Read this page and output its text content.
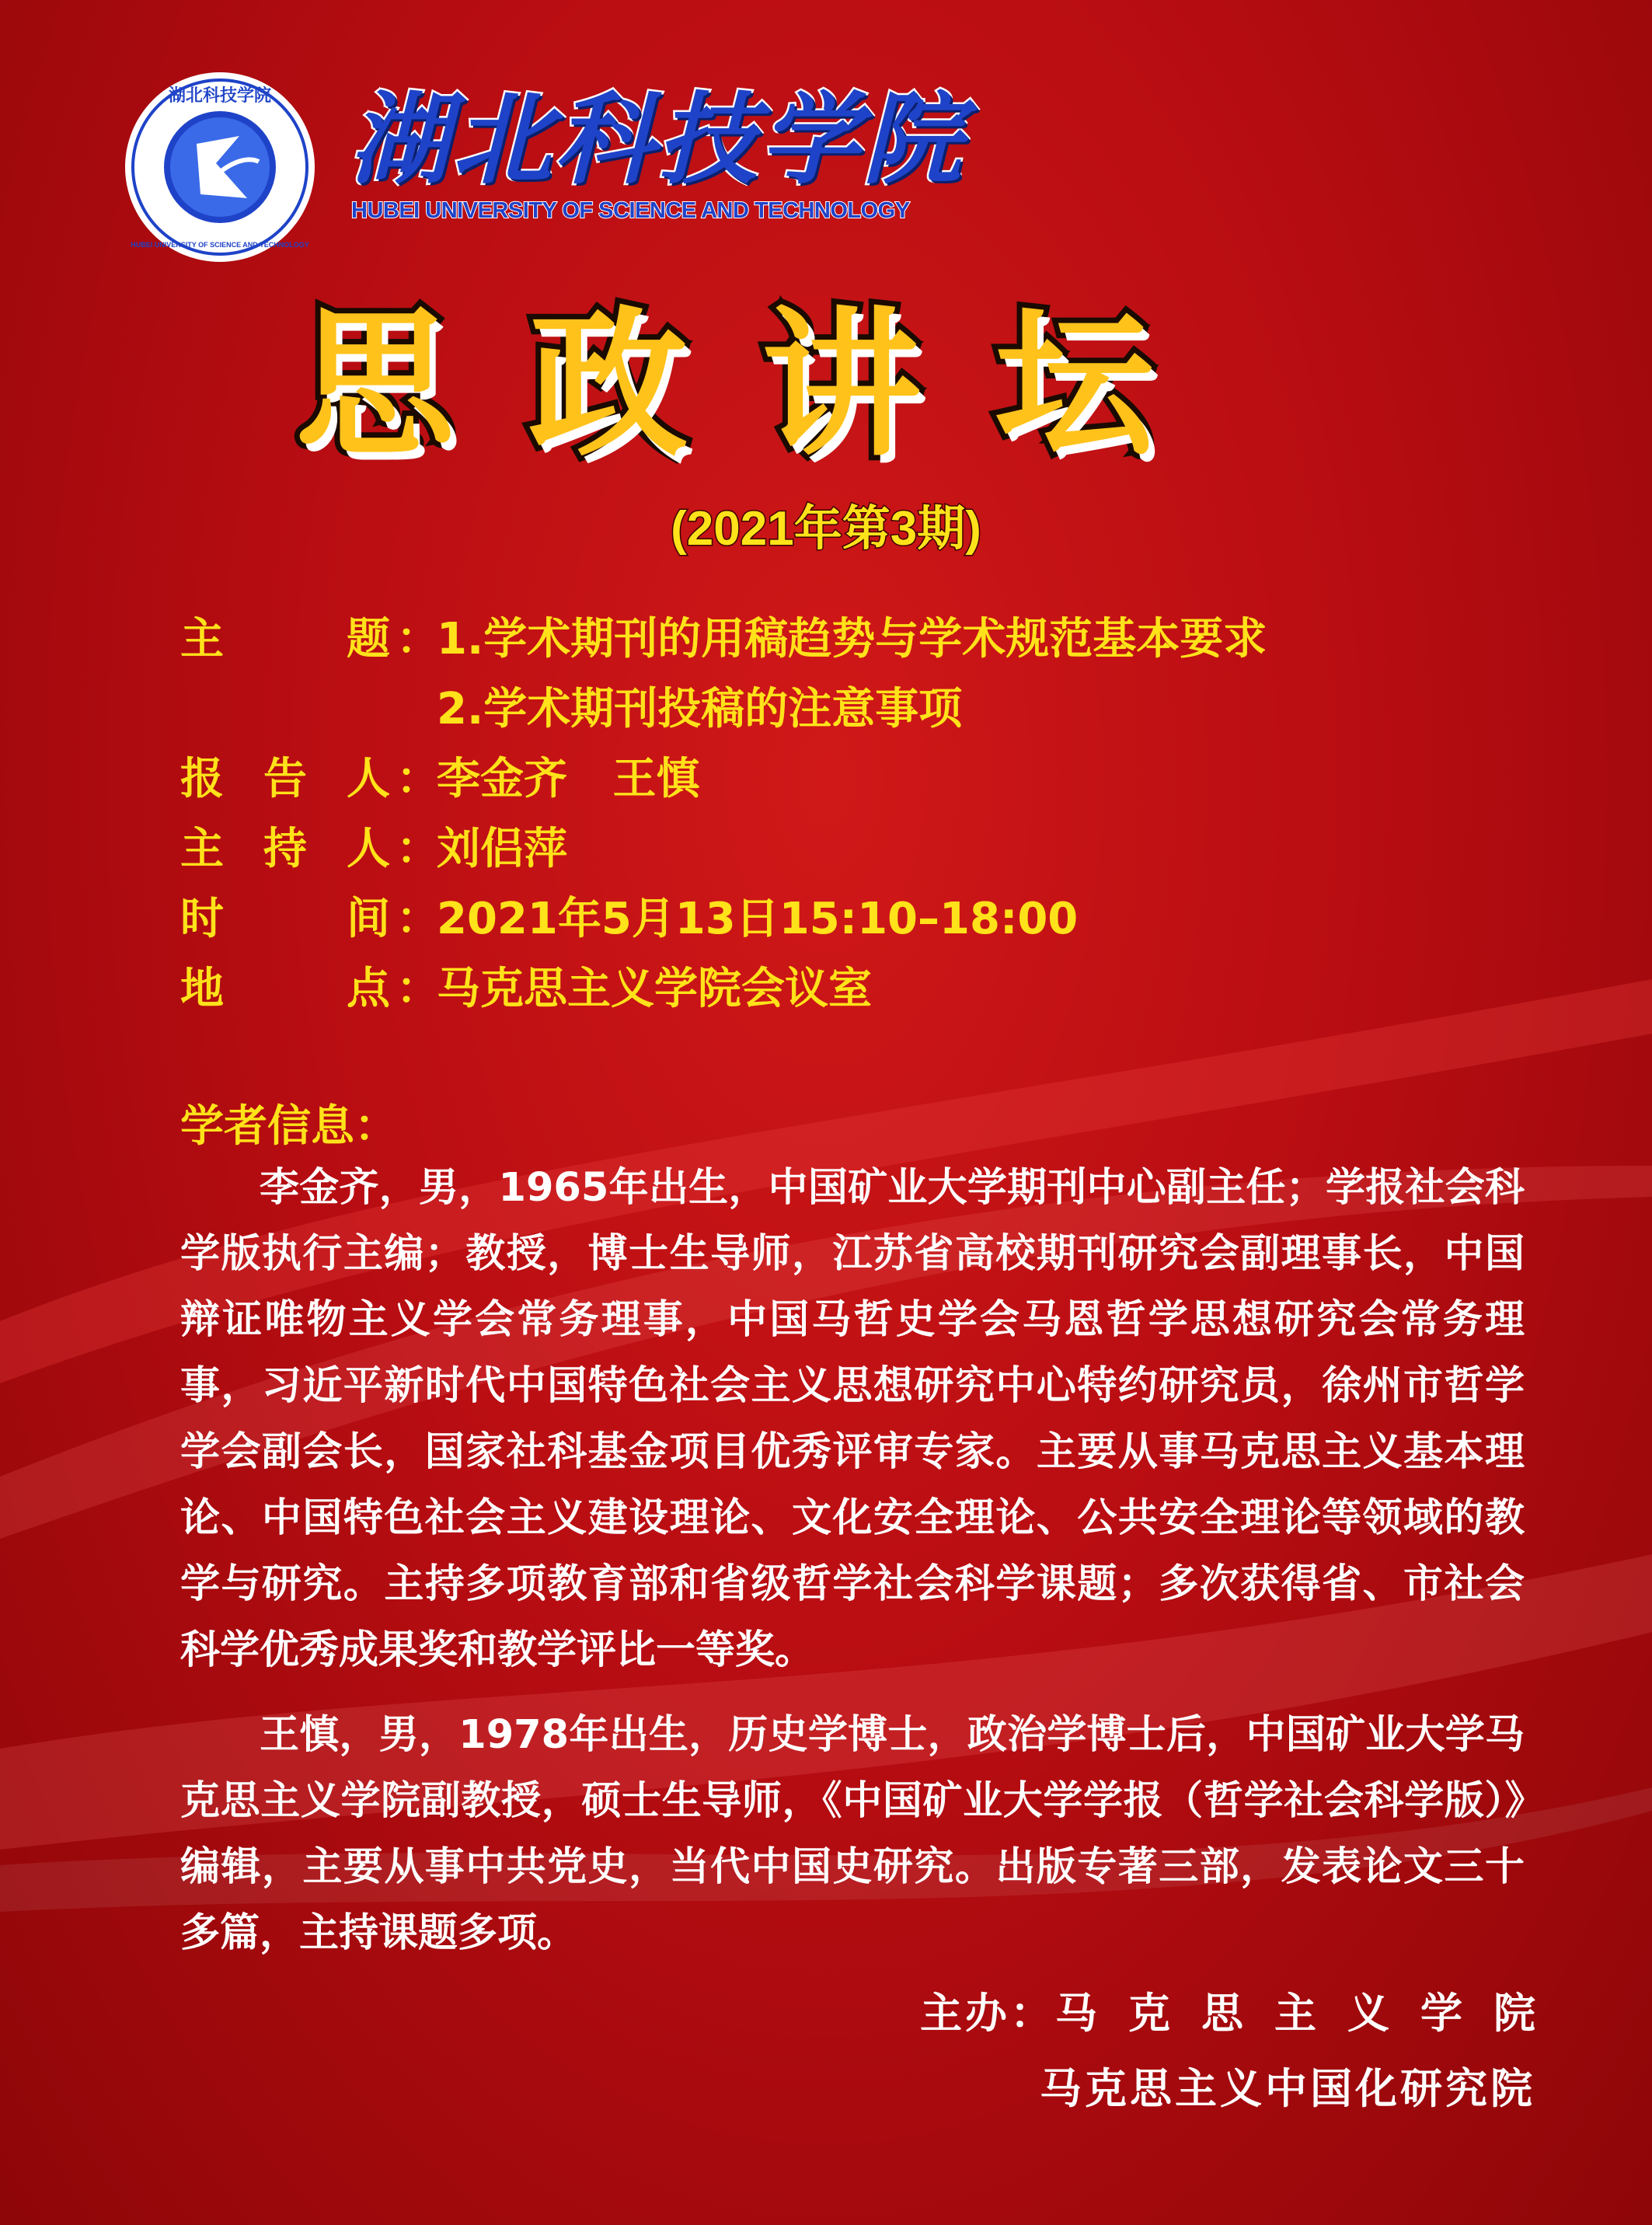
湖北科技学院
HUBEI UNIVERSITY OF SCIENCE AND TECHNOLOGY
湖北科技学院
HUBEI UNIVERSITY OF SCIENCE AND TECHNOLOGY
思政讲坛
(2021年第3期)
主	题 ：
1.学术期刊的用稿趋势与学术规范基本要求
2.学术期刊投稿的注意事项
报 告 人 ：
李金齐   王慎
主 持 人 ：
刘侣萍
时	间 ：
2021年5月13日15:10–18:00
地	点 ：
马克思主义学院会议室
学者信息：
李金齐，男，1965年出生，中国矿业大学期刊中心副主任；学报社会科学版执行主编；教授，博士生导师，江苏省高校期刊研究会副理事长，中国辩证唯物主义学会常务理事，中国马哲史学会马恩哲学思想研究会常务理事，习近平新时代中国特色社会主义思想研究中心特约研究员，徐州市哲学学会副会长，国家社科基金项目优秀评审专家。主要从事马克思主义基本理论、中国特色社会主义建设理论、文化安全理论、公共安全理论等领域的教学与研究。主持多项教育部和省级哲学社会科学课题；多次获得省、市社会科学优秀成果奖和教学评比一等奖。
王慎，男，1978年出生，历史学博士，政治学博士后，中国矿业大学马克思主义学院副教授，硕士生导师，《中国矿业大学学报（哲学社会科学版）》编辑，主要从事中共党史，当代中国史研究。出版专著三部，发表论文三十多篇，主持课题多项。
主办：马克思主义学院
马克思主义中国化研究院
